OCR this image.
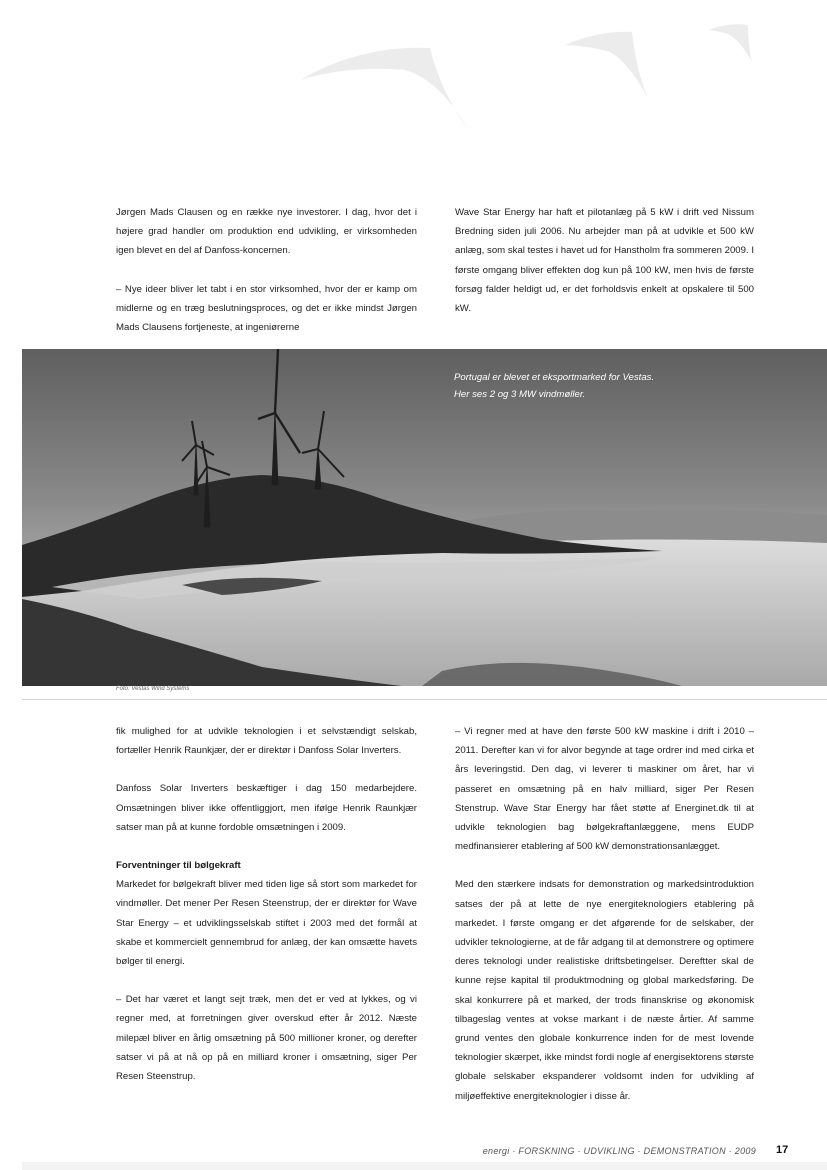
Jørgen Mads Clausen og en række nye investorer. I dag, hvor det i højere grad handler om produktion end udvikling, er virksomheden igen blevet en del af Danfoss-koncernen.

– Nye ideer bliver let tabt i en stor virksomhed, hvor der er kamp om midlerne og en træg beslutningsproces, og det er ikke mindst Jørgen Mads Clausens fortjeneste, at ingeniørerne

Wave Star Energy har haft et pilotanlæg på 5 kW i drift ved Nissum Bredning siden juli 2006. Nu arbejder man på at udvikle et 500 kW anlæg, som skal testes i havet ud for Hanstholm fra sommeren 2009. I første omgang bliver effekten dog kun på 100 kW, men hvis de første forsøg falder heldigt ud, er det forholdsvis enkelt at opskalere til 500 kW.

Portugal er blevet et eksportmarked for Vestas.
Her ses 2 og 3 MW vindmøller.
Foto: Vestas Wind Systems

fik mulighed for at udvikle teknologien i et selvstændigt selskab, fortæller Henrik Raunkjær, der er direktør i Danfoss Solar Inverters.

Danfoss Solar Inverters beskæftiger i dag 150 medarbejdere. Omsætningen bliver ikke offentliggjort, men ifølge Henrik Raunkjær satser man på at kunne fordoble omsætningen i 2009.

Forventninger til bølgekraft

Markedet for bølgekraft bliver med tiden lige så stort som markedet for vindmøller. Det mener Per Resen Steenstrup, der er direktør for Wave Star Energy – et udviklingsselskab stiftet i 2003 med det formål at skabe et kommercielt gennembrud for anlæg, der kan omsætte havets bølger til energi.

– Det har været et langt sejt træk, men det er ved at lykkes, og vi regner med, at forretningen giver overskud efter år 2012. Næste milepæl bliver en årlig omsætning på 500 millioner kroner, og derefter satser vi på at nå op på en milliard kroner i omsætning, siger Per Resen Steenstrup.

– Vi regner med at have den første 500 kW maskine i drift i 2010 – 2011. Derefter kan vi for alvor begynde at tage ordrer ind med cirka et års leveringstid. Den dag, vi leverer ti maskiner om året, har vi passeret en omsætning på en halv milliard, siger Per Resen Stenstrup. Wave Star Energy har fået støtte af Energinet.dk til at udvikle teknologien bag bølgekraftanlæggene, mens EUDP medfinansierer etablering af 500 kW demonstrationsanlægget.

Med den stærkere indsats for demonstration og markedsintroduktion satses der på at lette de nye energiteknologiers etablering på markedet. I første omgang er det afgørende for de selskaber, der udvikler teknologierne, at de får adgang til at demonstrere og optimere deres teknologi under realistiske driftsbetingelser. Dereftter skal de kunne rejse kapital til produktmodning og global markedsføring. De skal konkurrere på et marked, der trods finanskrise og økonomisk tilbageslag ventes at vokse markant i de næste årtier. Af samme grund ventes den globale konkurrence inden for de mest lovende teknologier skærpet, ikke mindst fordi nogle af energisektorens største globale selskaber ekspanderer voldsomt inden for udvikling af miljøeffektive energiteknologier i disse år.

energi · FORSKNING · UDVIKLING · DEMONSTRATION · 2009 17
